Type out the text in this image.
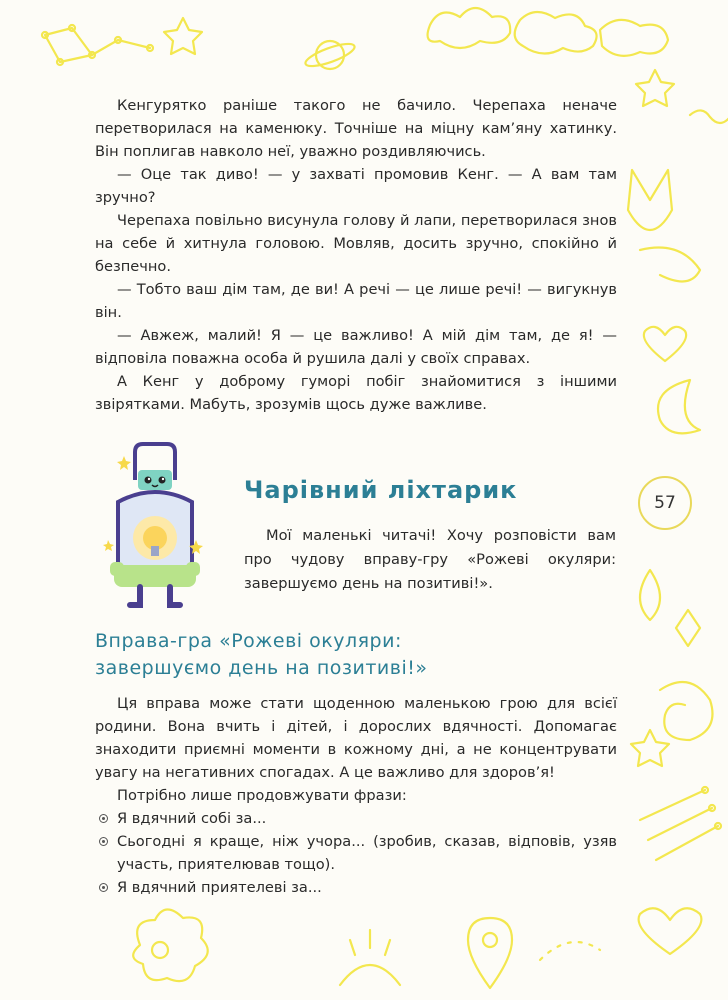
Кенгурятко раніше такого не бачило. Черепаха неначе перетворилася на каменюку. Точніше на міцну кам’яну хатинку. Він поплигав навколо неї, уважно роздивляючись.

— Оце так диво! — у захваті промовив Кенг. — А вам там зручно?

Черепаха повільно висунула голову й лапи, перетворилася знов на себе й хитнула головою. Мовляв, досить зручно, спокійно й безпечно.

— Тобто ваш дім там, де ви! А речі — це лише речі! — вигукнув він.

— Авжеж, малий! Я — це важливо! А мій дім там, де я! — відповіла поважна особа й рушила далі у своїх справах.

А Кенг у доброму гуморі побіг знайомитися з іншими звірятками. Мабуть, зрозумів щось дуже важливе.

Чарівний ліхтарик

Мої маленькі читачі! Хочу розповісти вам про чудову вправу-гру «Рожеві окуляри: завершуємо день на позитиві!».

57
Вправа-гра «Рожеві окуляри:
завершуємо день на позитиві!»

Ця вправа може стати щоденною маленькою грою для всієї родини. Вона вчить і дітей, і дорослих вдячності. Допомагає знаходити приємні моменти в кожному дні, а не концентрувати увагу на негативних спогадах. А це важливо для здоров’я!

Потрібно лише продовжувати фрази:

Я вдячний собі за...
Сьогодні я краще, ніж учора... (зробив, сказав, відповів, узяв участь, приятелював тощо).
Я вдячний приятелеві за...
